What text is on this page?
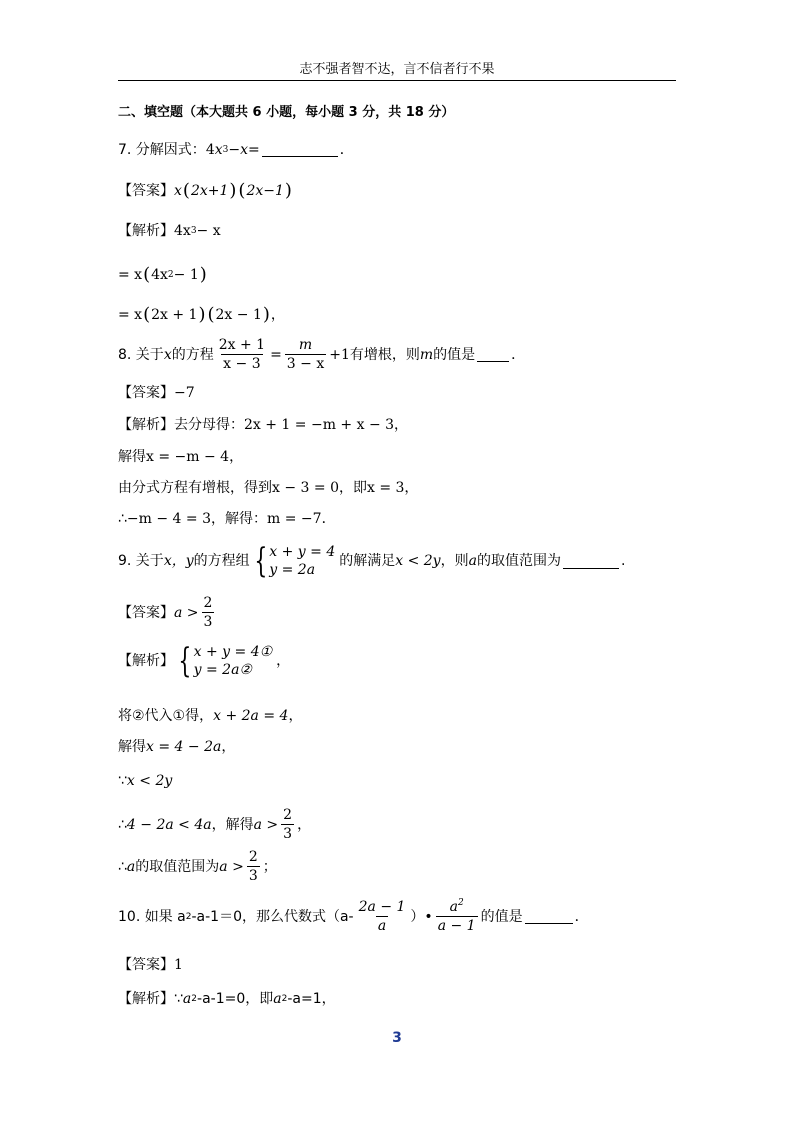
志不强者智不达，言不信者行不果
二、填空题（本大题共 6 小题，每小题 3 分，共 18 分）
7. 分解因式： 4 x 3 − x =	．
【答案】 x ( 2x+1 ) ( 2x−1 )
【解析】 4x 3 − x
= x ( 4x 2 − 1 )
= x ( 2x + 1 ) ( 2x − 1 ) ，
8. 关于 x 的方程 $\frac{2x + 1}{x - 3} = \frac{m}{3 - x} +1$ 有增根，则 m 的值是	．
【答案】 −7
【解析】 去分母得： 2x + 1 = −m + x − 3 ，
解得 x = −m − 4 ，
由分式方程有增根，得到 x − 3 = 0 ，即 x = 3 ，
∴ −m − 4 = 3 ，解得： m = −7 ．
9. 关于 x，y 的方程组 { x + y = 4
y = 2a
的解满足 x < 2y ，则 a 的取值范围为	.
【答案】 $a > \frac{2}{3}$
【解析】 { x + y = 4①
y = 2a②
，
将②代入①得， x + 2a = 4 ，
解得 x = 4 − 2a ，
∵ x < 2y
∴ 4 − 2a < 4a ，解得 $a > \frac{2}{3}$ ，
∴ a 的取值范围为 $a > \frac{2}{3}$ ；
10. 如果 a 2 -a-1＝0，那么代数式（$a- \frac{2a - 1}{a}$ ） • $\frac{a^2}{a - 1}$ 的值是	．
【答案】 1
【解析】 ∵ a 2 -a-1=0，即 a 2 -a=1，
3
